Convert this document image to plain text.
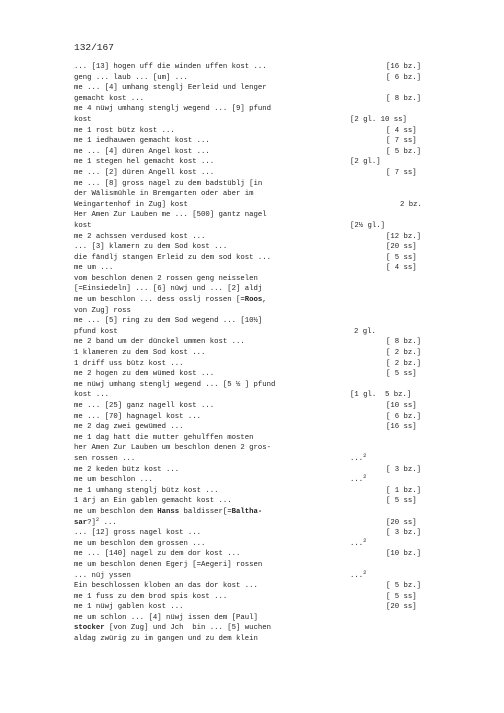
132/167
... [13] hogen uff die winden uffen kost ...	[16 bz.]
geng ... laub ... [um] ...	[ 6 bz.]
me ... [4] umhang stenglj Eerleid und lenger
gemacht kost ...	[ 8 bz.]
me 4 nüwj umhang stenglj wegend ... [9] pfund
kost	[2 gl. 10 ss]
me 1 rost bütz kost ...	[ 4 ss]
me 1 iedhauwen gemacht kost ...	[ 7 ss]
me ... [4] düren Angel kost ...	[ 5 bz.]
me 1 stegen hel gemacht kost ...	[2 gl.]
me ... [2] düren Angell kost ...	[ 7 ss]
me ... [8] gross nagel zu dem badstüblj [in
der Wälismühle in Bremgarten oder aber im
Weingartenhof in Zug] kost	2 bz.
Her Amen Zur Lauben me ... [500] gantz nagel
kost	[2½ gl.]
me 2 achssen verdused kost ...	[12 bz.]
... [3] klamern zu dem Sod kost ...	[20 ss]
die fändlj stangen Erleid zu dem sod kost ...	[ 5 ss]
me um ...	[ 4 ss]
vom beschlon denen 2 rossen geng neisselen
[=Einsiedeln] ... [6] nüwj und ... [2] aldj
me um beschlon ... dess osslj rossen [=Roos,
von Zug] ross
me ... [5] ring zu dem Sod wegend ... [10½]
pfund kost	2 gl.
me 2 band um der dünckel ummen kost ...	[ 8 bz.]
1 klameren zu dem Sod kost ...	[ 2 bz.]
1 driff uss bütz kost ...	[ 2 bz.]
me 2 hogen zu dem wümed kost ...	[ 5 ss]
me nüwj umhang stenglj wegend ... [5 ½ ] pfund
kost ...	[1 gl.  5 bz.]
me ... [25] ganz nagell kost ...	[10 ss]
me ... [70] hagnagel kost ...	[ 6 bz.]
me 2 dag zwei gewümed ...	[16 ss]
me 1 dag hatt die mutter gehulffen mosten
her Amen Zur Lauben um beschlon denen 2 gros-
sen rossen ...	...$^2$
me 2 keden bütz kost ...	[ 3 bz.]
me um beschlon ...	...$^2$
me 1 umhang stenglj bütz kost ...	[ 1 bz.]
1 ärj an Ein gablen gemacht kost ...	[ 5 ss]
me um beschlon dem Hanss baldisser[=Balthа-
sar?]$^2$ ...	[20 ss]
... [12] gross nagel kost ...	[ 3 bz.]
me um beschlon dem grossen ...	...$^2$
me ... [140] nagel zu dem dor kost ...	[10 bz.]
me um beschlon denen Egerj [=Aegeri] rossen
... nüj yssen	...$^2$
Ein beschlossen kloben an das dor kost ...	[ 5 bz.]
me 1 fuss zu dem brod spis kost ...	[ 5 ss]
me 1 nüwj gablen kost ...	[20 ss]
me um schlon ... [4] nüwj issen dem [Paul]
stocker [von Zug] und Jch  bin ... [5] wuchen
aldag zwürig zu im gangen und zu dem klein
